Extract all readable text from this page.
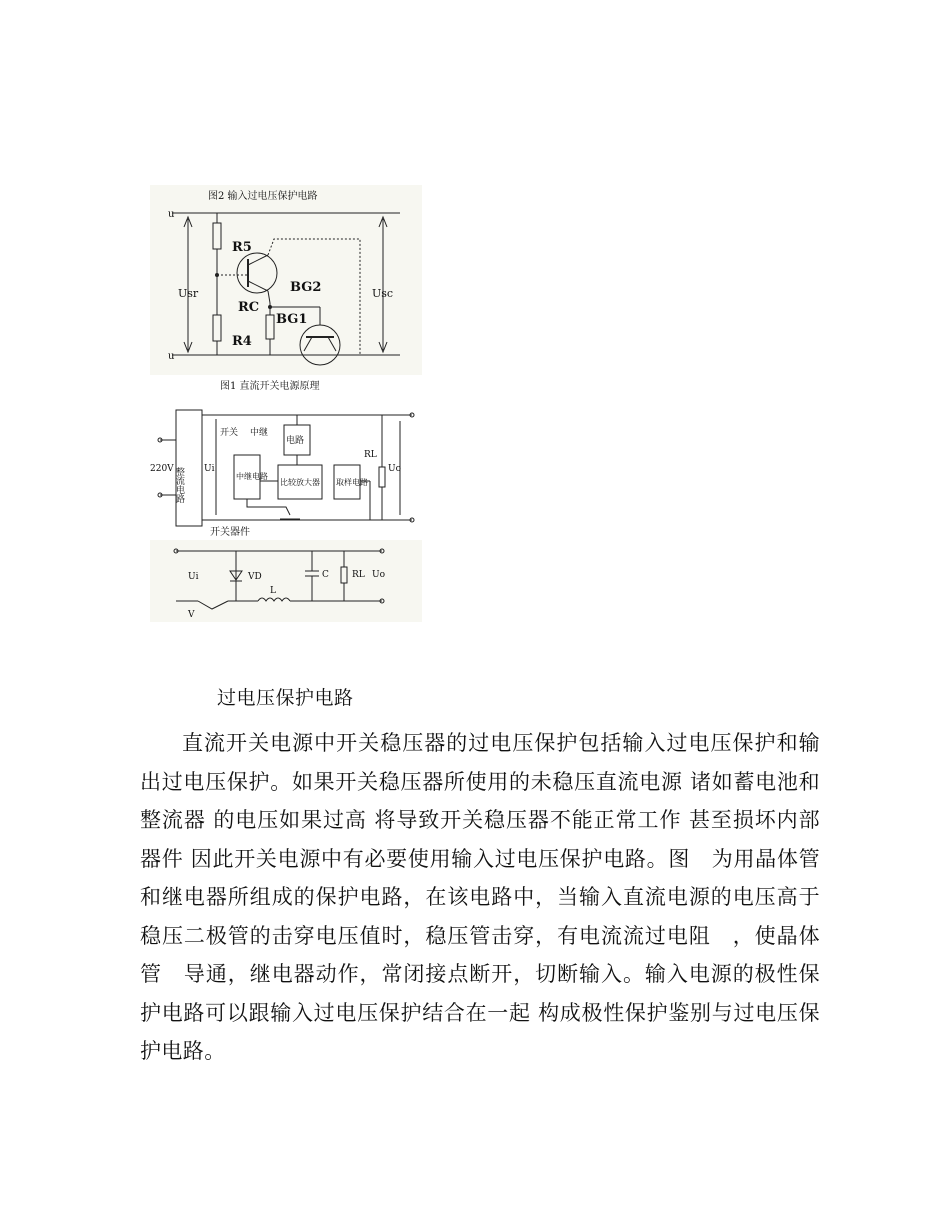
图2 输入过电压保护电路
u
u
R5
BG2
RC
BG1
R4
Usr	Usc
图1 直流开关电源原理
220V 整流电路 Ui
开关 中继
电路
中继电路
比较放大器 取样电路
RL
Uo
开关器件
Ui	VD
L
C	RL Uo
V
过电压保护电路

直流开关电源中开关稳压器的过电压保护包括输入过电压保护和输出过电压保护。如果开关稳压器所使用的未稳压直流电源 诸如蓄电池和整流器 的电压如果过高 将导致开关稳压器不能正常工作 甚至损坏内部器件 因此开关电源中有必要使用输入过电压保护电路。图　为用晶体管和继电器所组成的保护电路，在该电路中，当输入直流电源的电压高于稳压二极管的击穿电压值时，稳压管击穿，有电流流过电阻　，使晶体管　导通，继电器动作，常闭接点断开，切断输入。输入电源的极性保护电路可以跟输入过电压保护结合在一起 构成极性保护鉴别与过电压保护电路。
